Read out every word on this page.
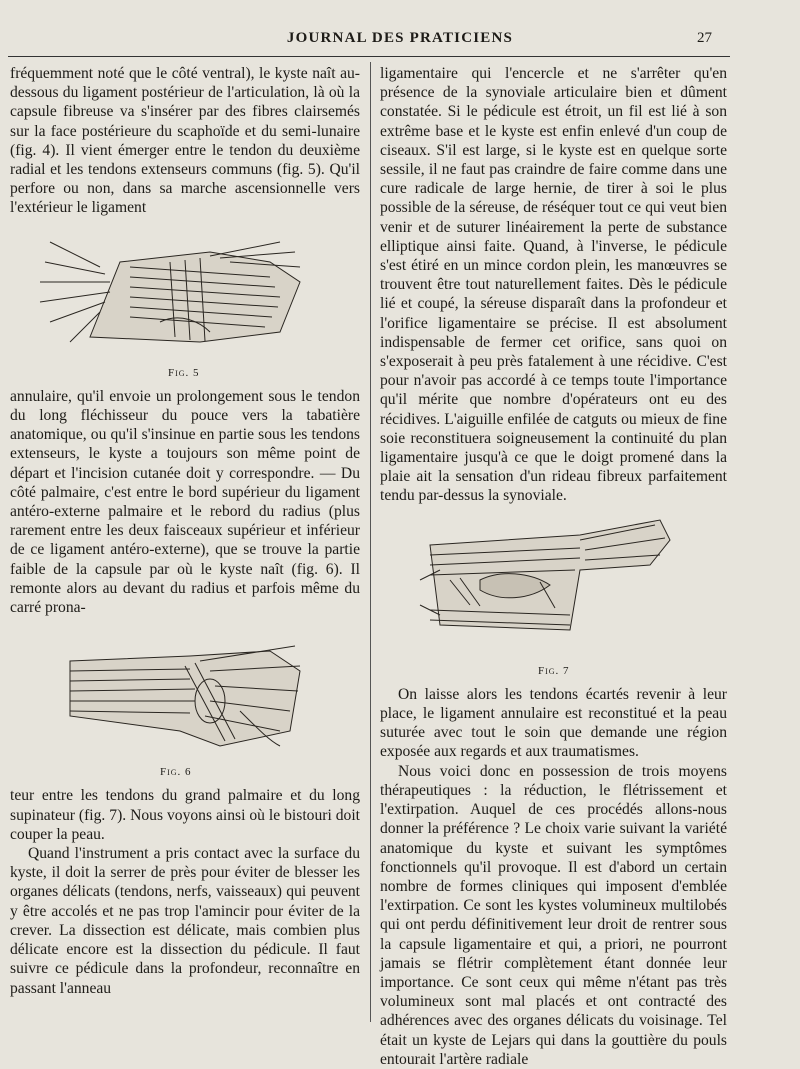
JOURNAL DES PRATICIENS	27

fréquemment noté que le côté ventral), le kyste naît au-dessous du ligament postérieur de l'articulation, là où la capsule fibreuse va s'insérer par des fibres clairsemés sur la face postérieure du scaphoïde et du semi-lunaire (fig. 4). Il vient émerger entre le tendon du deuxième radial et les tendons extenseurs communs (fig. 5). Qu'il perfore ou non, dans sa marche ascensionnelle vers l'extérieur le ligament

Fig. 5

annulaire, qu'il envoie un prolongement sous le tendon du long fléchisseur du pouce vers la tabatière anatomique, ou qu'il s'insinue en partie sous les tendons extenseurs, le kyste a toujours son même point de départ et l'incision cutanée doit y correspondre. — Du côté palmaire, c'est entre le bord supérieur du ligament antéro-externe palmaire et le rebord du radius (plus rarement entre les deux faisceaux supérieur et inférieur de ce ligament antéro-externe), que se trouve la partie faible de la capsule par où le kyste naît (fig. 6). Il remonte alors au devant du radius et parfois même du carré prona-

Fig. 6

teur entre les tendons du grand palmaire et du long supinateur (fig. 7). Nous voyons ainsi où le bistouri doit couper la peau.

Quand l'instrument a pris contact avec la surface du kyste, il doit la serrer de près pour éviter de blesser les organes délicats (tendons, nerfs, vaisseaux) qui peuvent y être accolés et ne pas trop l'amincir pour éviter de la crever. La dissection est délicate, mais combien plus délicate encore est la dissection du pédicule. Il faut suivre ce pédicule dans la profondeur, reconnaître en passant l'anneau

ligamentaire qui l'encercle et ne s'arrêter qu'en présence de la synoviale articulaire bien et dûment constatée. Si le pédicule est étroit, un fil est lié à son extrême base et le kyste est enfin enlevé d'un coup de ciseaux. S'il est large, si le kyste est en quelque sorte sessile, il ne faut pas craindre de faire comme dans une cure radicale de large hernie, de tirer à soi le plus possible de la séreuse, de réséquer tout ce qui veut bien venir et de suturer linéairement la perte de substance elliptique ainsi faite. Quand, à l'inverse, le pédicule s'est étiré en un mince cordon plein, les manœuvres se trouvent être tout naturellement faites. Dès le pédicule lié et coupé, la séreuse disparaît dans la profondeur et l'orifice ligamentaire se précise. Il est absolument indispensable de fermer cet orifice, sans quoi on s'exposerait à peu près fatalement à une récidive. C'est pour n'avoir pas accordé à ce temps toute l'importance qu'il mérite que nombre d'opérateurs ont eu des récidives. L'aiguille enfilée de catguts ou mieux de fine soie reconstituera soigneusement la continuité du plan ligamentaire jusqu'à ce que le doigt promené dans la plaie ait la sensation d'un rideau fibreux parfaitement tendu par-dessus la synoviale.

Fig. 7

On laisse alors les tendons écartés revenir à leur place, le ligament annulaire est reconstitué et la peau suturée avec tout le soin que demande une région exposée aux regards et aux traumatismes.

Nous voici donc en possession de trois moyens thérapeutiques : la réduction, le flétrissement et l'extirpation. Auquel de ces procédés allons-nous donner la préférence ? Le choix varie suivant la variété anatomique du kyste et suivant les symptômes fonctionnels qu'il provoque. Il est d'abord un certain nombre de formes cliniques qui imposent d'emblée l'extirpation. Ce sont les kystes volumineux multilobés qui ont perdu définitivement leur droit de rentrer sous la capsule ligamentaire et qui, a priori, ne pourront jamais se flétrir complètement étant donnée leur importance. Ce sont ceux qui même n'étant pas très volumineux sont mal placés et ont contracté des adhérences avec des organes délicats du voisinage. Tel était un kyste de Lejars qui dans la gouttière du pouls entourait l'artère radiale
